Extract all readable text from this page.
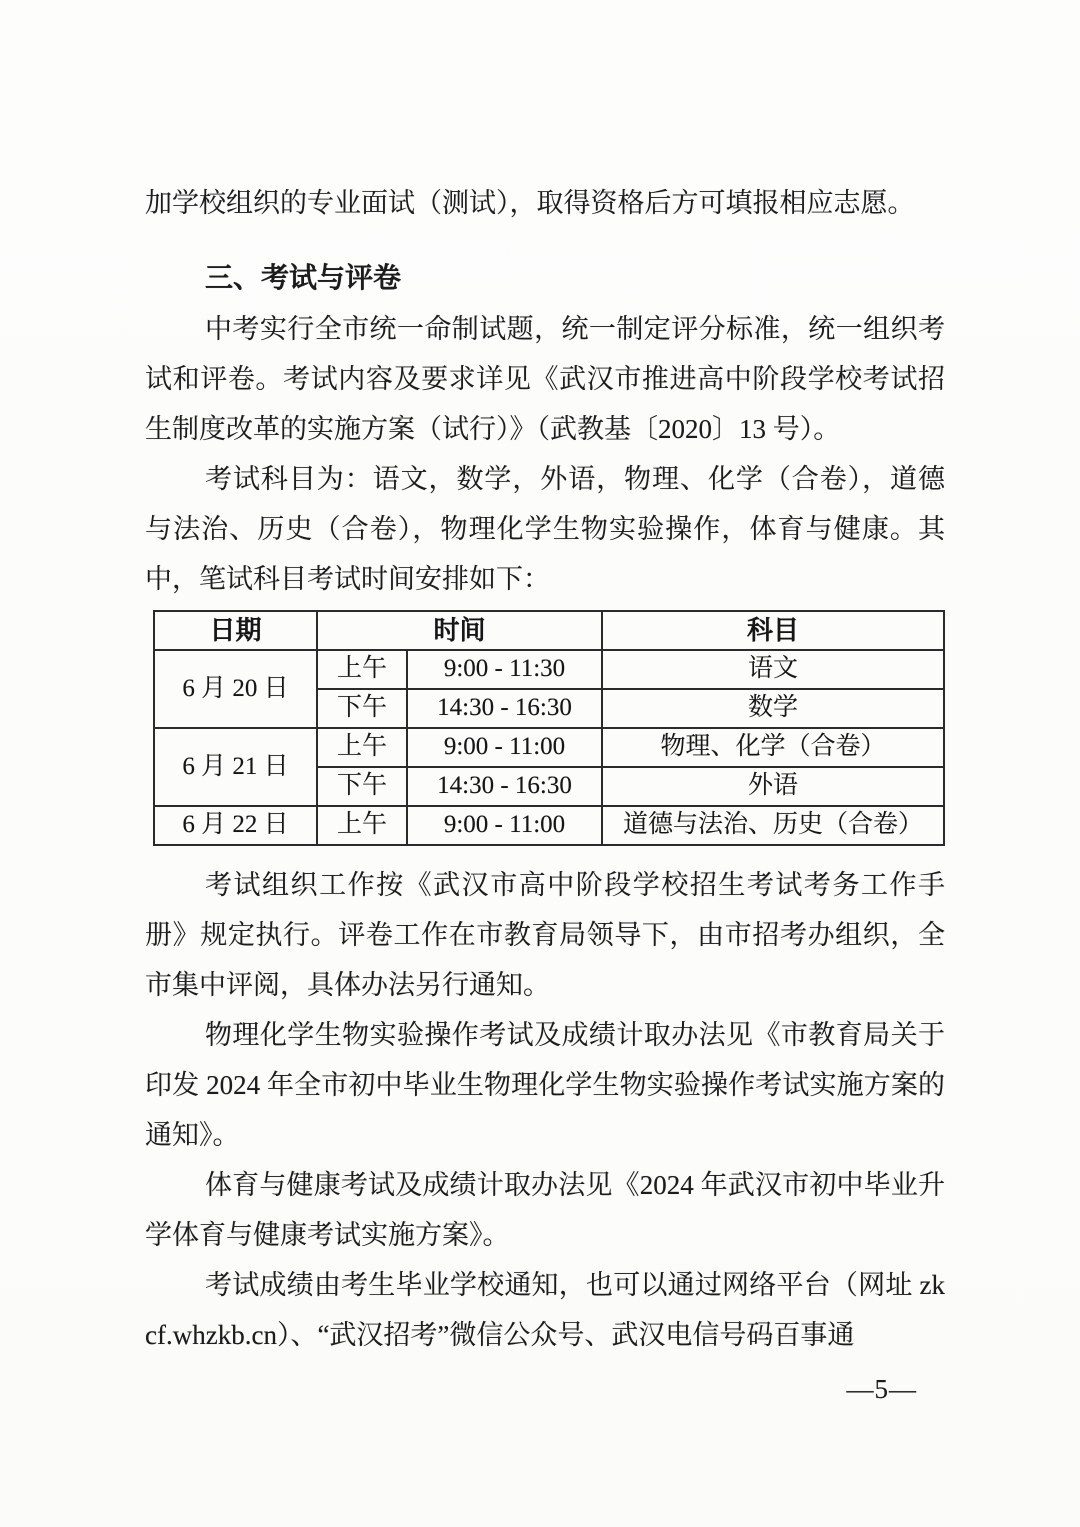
加学校组织的专业面试（测试），取得资格后方可填报相应志愿。

三、考试与评卷

中考实行全市统一命制试题，统一制定评分标准，统一组织考试和评卷。考试内容及要求详见《武汉市推进高中阶段学校考试招生制度改革的实施方案（试行）》（武教基〔2020〕13 号）。

考试科目为：语文，数学，外语，物理、化学（合卷），道德与法治、历史（合卷），物理化学生物实验操作，体育与健康。其中，笔试科目考试时间安排如下：

日期	时间		科目
6 月 20 日	上午	9:00 - 11:30	语文
	下午	14:30 - 16:30	数学
6 月 21 日	上午	9:00 - 11:00	物理、化学（合卷）
	下午	14:30 - 16:30	外语
6 月 22 日	上午	9:00 - 11:00	道德与法治、历史（合卷）

考试组织工作按《武汉市高中阶段学校招生考试考务工作手册》规定执行。评卷工作在市教育局领导下，由市招考办组织，全市集中评阅，具体办法另行通知。

物理化学生物实验操作考试及成绩计取办法见《市教育局关于印发 2024 年全市初中毕业生物理化学生物实验操作考试实施方案的通知》。

体育与健康考试及成绩计取办法见《2024 年武汉市初中毕业升学体育与健康考试实施方案》。

考试成绩由考生毕业学校通知，也可以通过网络平台（网址 zkcf.whzkb.cn）、“武汉招考”微信公众号、武汉电信号码百事通

—5—
